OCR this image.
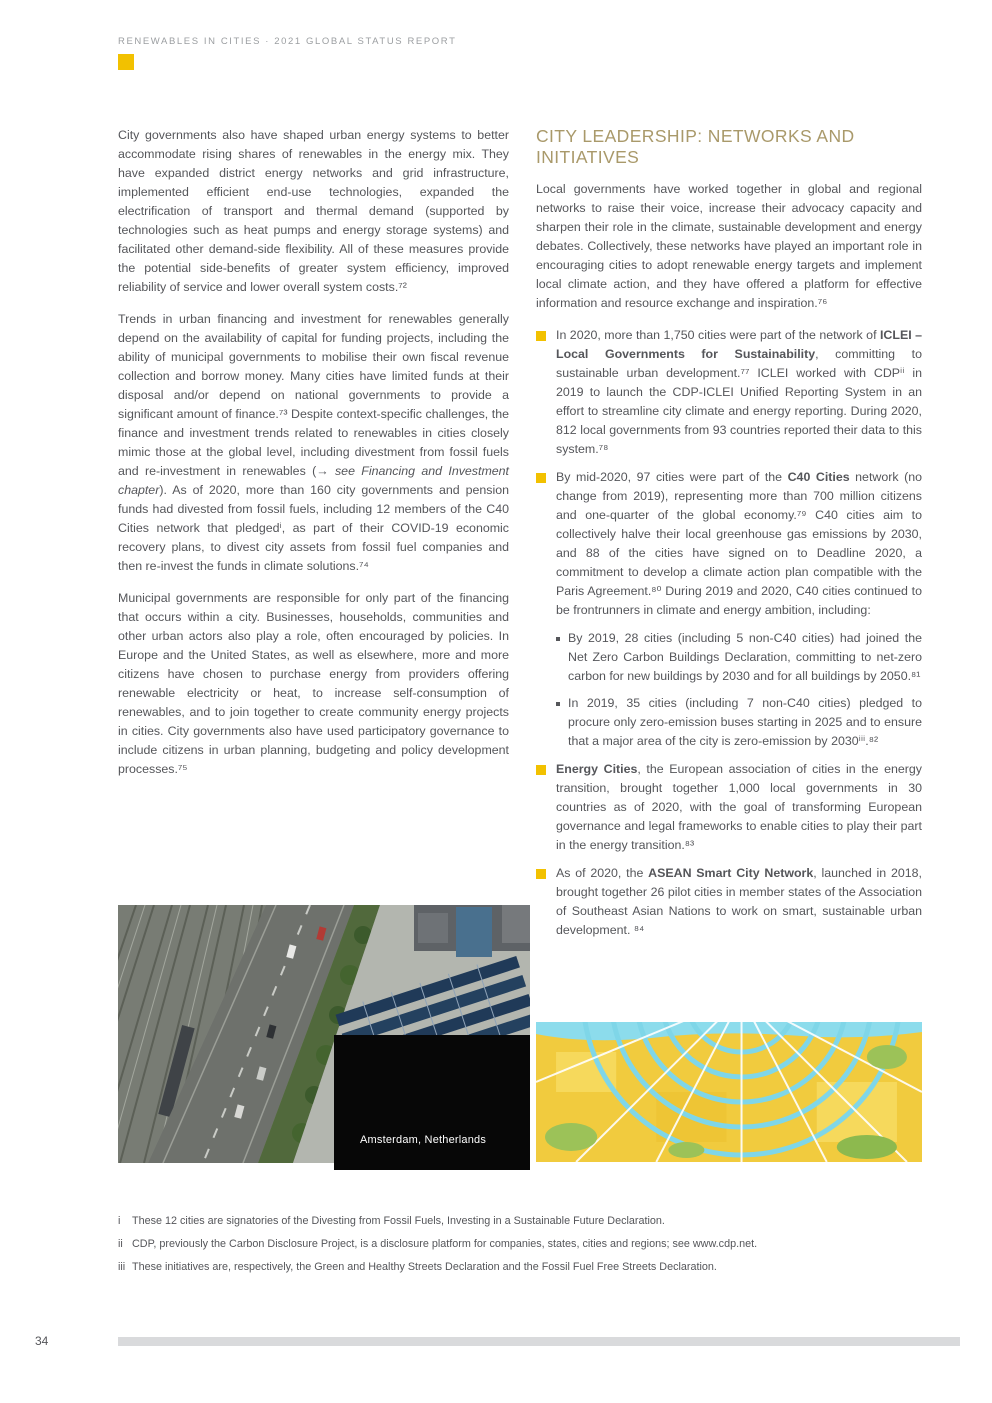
RENEWABLES IN CITIES · 2021 GLOBAL STATUS REPORT

City governments also have shaped urban energy systems to better accommodate rising shares of renewables in the energy mix. They have expanded district energy networks and grid infrastructure, implemented efficient end-use technologies, expanded the electrification of transport and thermal demand (supported by technologies such as heat pumps and energy storage systems) and facilitated other demand-side flexibility. All of these measures provide the potential side-benefits of greater system efficiency, improved reliability of service and lower overall system costs.⁷²

Trends in urban financing and investment for renewables generally depend on the availability of capital for funding projects, including the ability of municipal governments to mobilise their own fiscal revenue collection and borrow money. Many cities have limited funds at their disposal and/or depend on national governments to provide a significant amount of finance.⁷³ Despite context-specific challenges, the finance and investment trends related to renewables in cities closely mimic those at the global level, including divestment from fossil fuels and re-investment in renewables (→ see Financing and Investment chapter). As of 2020, more than 160 city governments and pension funds had divested from fossil fuels, including 12 members of the C40 Cities network that pledgedⁱ, as part of their COVID-19 economic recovery plans, to divest city assets from fossil fuel companies and then re-invest the funds in climate solutions.⁷⁴

Municipal governments are responsible for only part of the financing that occurs within a city. Businesses, households, communities and other urban actors also play a role, often encouraged by policies. In Europe and the United States, as well as elsewhere, more and more citizens have chosen to purchase energy from providers offering renewable electricity or heat, to increase self-consumption of renewables, and to join together to create community energy projects in cities. City governments also have used participatory governance to include citizens in urban planning, budgeting and policy development processes.⁷⁵

CITY LEADERSHIP: NETWORKS AND INITIATIVES

Local governments have worked together in global and regional networks to raise their voice, increase their advocacy capacity and sharpen their role in the climate, sustainable development and energy debates. Collectively, these networks have played an important role in encouraging cities to adopt renewable energy targets and implement local climate action, and they have offered a platform for effective information and resource exchange and inspiration.⁷⁶

In 2020, more than 1,750 cities were part of the network of ICLEI – Local Governments for Sustainability, committing to sustainable urban development.⁷⁷ ICLEI worked with CDPⁱⁱ in 2019 to launch the CDP-ICLEI Unified Reporting System in an effort to streamline city climate and energy reporting. During 2020, 812 local governments from 93 countries reported their data to this system.⁷⁸

By mid-2020, 97 cities were part of the C40 Cities network (no change from 2019), representing more than 700 million citizens and one-quarter of the global economy.⁷⁹ C40 cities aim to collectively halve their local greenhouse gas emissions by 2030, and 88 of the cities have signed on to Deadline 2020, a commitment to develop a climate action plan compatible with the Paris Agreement.⁸⁰ During 2019 and 2020, C40 cities continued to be frontrunners in climate and energy ambition, including:

By 2019, 28 cities (including 5 non-C40 cities) had joined the Net Zero Carbon Buildings Declaration, committing to net-zero carbon for new buildings by 2030 and for all buildings by 2050.⁸¹

In 2019, 35 cities (including 7 non-C40 cities) pledged to procure only zero-emission buses starting in 2025 and to ensure that a major area of the city is zero-emission by 2030ⁱⁱⁱ.⁸²

Energy Cities, the European association of cities in the energy transition, brought together 1,000 local governments in 30 countries as of 2020, with the goal of transforming European governance and legal frameworks to enable cities to play their part in the energy transition.⁸³

As of 2020, the ASEAN Smart City Network, launched in 2018, brought together 26 pilot cities in member states of the Association of Southeast Asian Nations to work on smart, sustainable urban development. ⁸⁴

Amsterdam, Netherlands
i These 12 cities are signatories of the Divesting from Fossil Fuels, Investing in a Sustainable Future Declaration.
ii CDP, previously the Carbon Disclosure Project, is a disclosure platform for companies, states, cities and regions; see www.cdp.net.
iii These initiatives are, respectively, the Green and Healthy Streets Declaration and the Fossil Fuel Free Streets Declaration.
34
